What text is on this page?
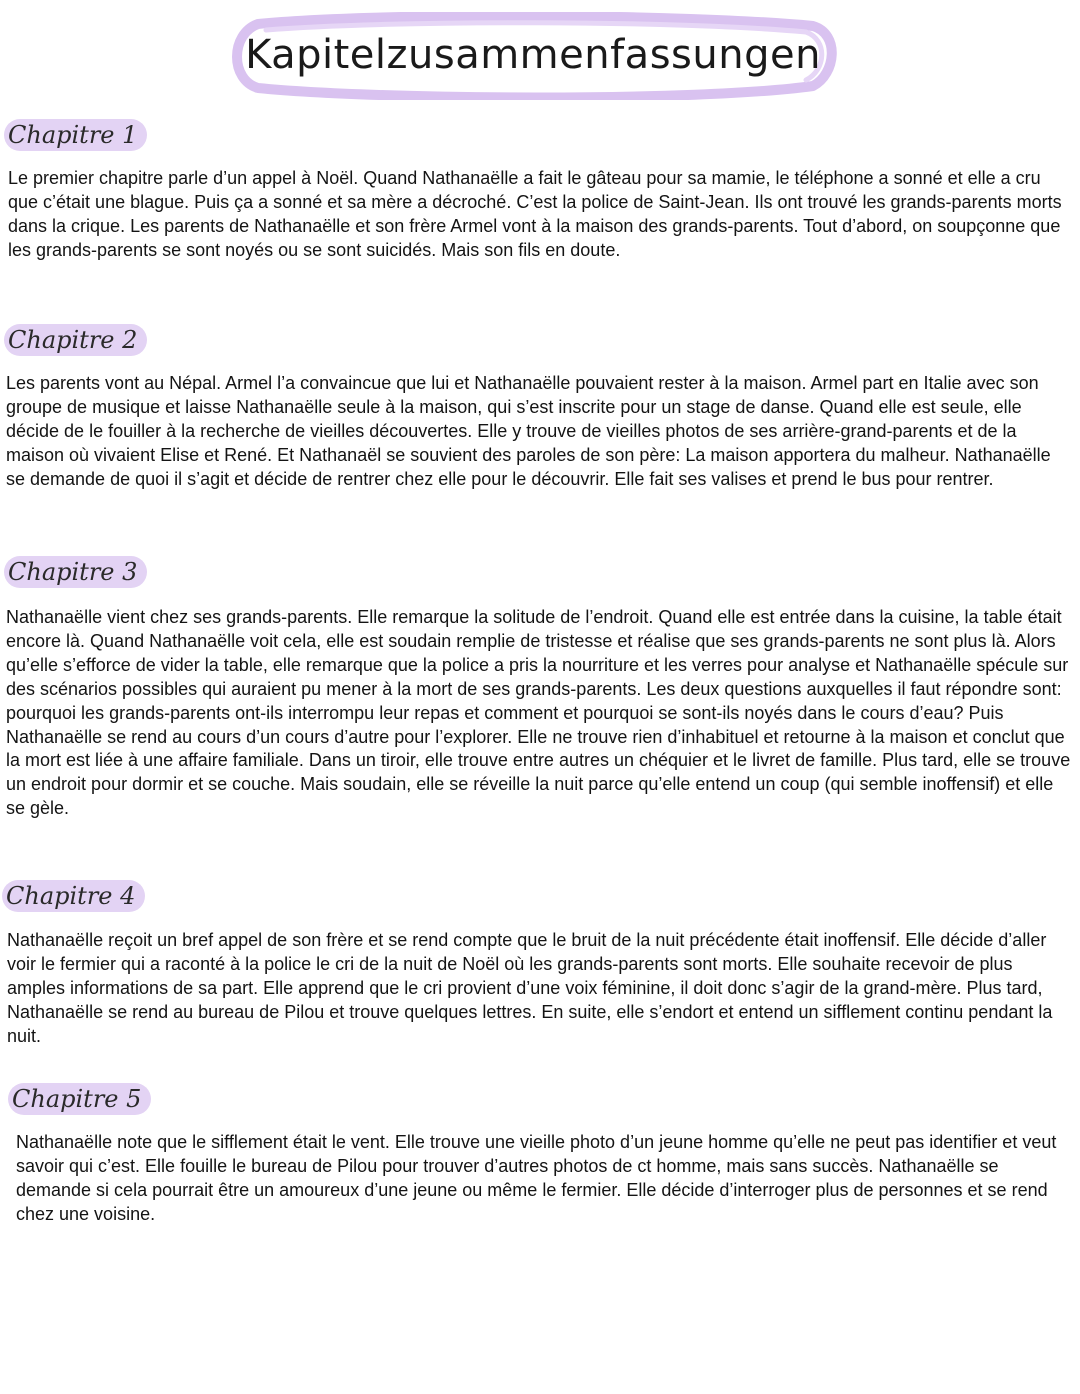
Kapitelzusammenfassungen
Chapitre 1

Le premier chapitre parle d’un appel à Noël. Quand Nathanaëlle a fait le gâteau pour sa mamie, le téléphone a sonné et elle a cru que c’était une blague. Puis ça a sonné et sa mère a décroché. C’est la police de Saint-Jean. Ils ont trouvé les grands-parents morts dans la crique. Les parents de Nathanaëlle et son frère Armel vont à la maison des grands-parents. Tout d’abord, on soupçonne que les grands-parents se sont noyés ou se sont suicidés. Mais son fils en doute.

Chapitre 2

Les parents vont au Népal. Armel l’a convaincue que lui et Nathanaëlle pouvaient rester à la maison. Armel part en Italie avec son groupe de musique et laisse Nathanaëlle seule à la maison, qui s’est inscrite pour un stage de danse. Quand elle est seule, elle décide de le fouiller à la recherche de vieilles découvertes. Elle y trouve de vieilles photos de ses arrière-grand-parents et de la maison où vivaient Elise et René. Et Nathanaël se souvient des paroles de son père: La maison apportera du malheur. Nathanaëlle se demande de quoi il s’agit et décide de rentrer chez elle pour le découvrir. Elle fait ses valises et prend le bus pour rentrer.

Chapitre 3

Nathanaëlle vient chez ses grands-parents. Elle remarque la solitude de l’endroit. Quand elle est entrée dans la cuisine, la table était encore là. Quand Nathanaëlle voit cela, elle est soudain remplie de tristesse et réalise que ses grands-parents ne sont plus là. Alors qu’elle s’efforce de vider la table, elle remarque que la police a pris la nourriture et les verres pour analyse et Nathanaëlle spécule sur des scénarios possibles qui auraient pu mener à la mort de ses grands-parents. Les deux questions auxquelles il faut répondre sont: pourquoi les grands-parents ont-ils interrompu leur repas et comment et pourquoi se sont-ils noyés dans le cours d’eau? Puis Nathanaëlle se rend au cours d’un cours d’autre pour l’explorer. Elle ne trouve rien d’inhabituel et retourne à la maison et conclut que la mort est liée à une affaire familiale. Dans un tiroir, elle trouve entre autres un chéquier et le livret de famille. Plus tard, elle se trouve un endroit pour dormir et se couche. Mais soudain, elle se réveille la nuit parce qu’elle entend un coup (qui semble inoffensif) et elle se gèle.

Chapitre 4

Nathanaëlle reçoit un bref appel de son frère et se rend compte que le bruit de la nuit précédente était inoffensif. Elle décide d’aller voir le fermier qui a raconté à la police le cri de la nuit de Noël où les grands-parents sont morts. Elle souhaite recevoir de plus amples informations de sa part. Elle apprend que le cri provient d’une voix féminine, il doit donc s’agir de la grand-mère. Plus tard, Nathanaëlle se rend au bureau de Pilou et trouve quelques lettres. En suite, elle s’endort et entend un sifflement continu pendant la nuit.

Chapitre 5

Nathanaëlle note que le sifflement était le vent. Elle trouve une vieille photo d’un jeune homme qu’elle ne peut pas identifier et veut savoir qui c’est. Elle fouille le bureau de Pilou pour trouver d’autres photos de ct homme, mais sans succès. Nathanaëlle se demande si cela pourrait être un amoureux d’une jeune ou même le fermier. Elle décide d’interroger plus de personnes et se rend chez une voisine.
